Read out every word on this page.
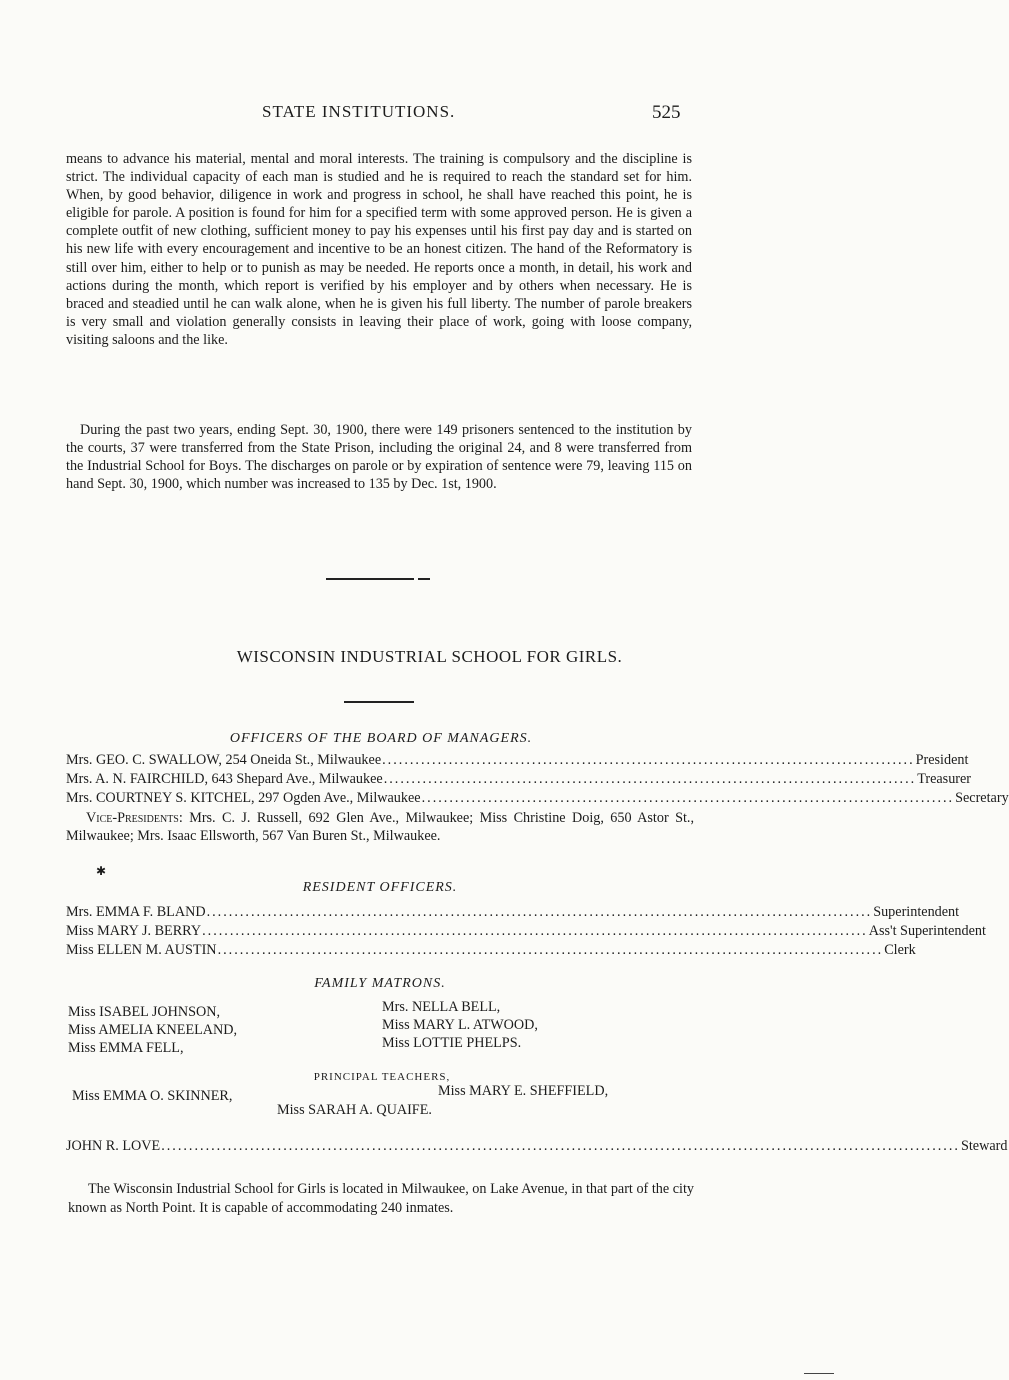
STATE INSTITUTIONS.	525
means to advance his material, mental and moral interests. The training is compulsory and the discipline is strict. The individual capacity of each man is studied and he is required to reach the standard set for him. When, by good behavior, diligence in work and progress in school, he shall have reached this point, he is eligible for parole. A position is found for him for a specified term with some approved person. He is given a complete outfit of new clothing, sufficient money to pay his expenses until his first pay day and is started on his new life with every encouragement and incentive to be an honest citizen. The hand of the Reformatory is still over him, either to help or to punish as may be needed. He reports once a month, in detail, his work and actions during the month, which report is verified by his employer and by others when necessary. He is braced and steadied until he can walk alone, when he is given his full liberty. The number of parole breakers is very small and violation generally consists in leaving their place of work, going with loose company, visiting saloons and the like.
During the past two years, ending Sept. 30, 1900, there were 149 prisoners sentenced to the institution by the courts, 37 were transferred from the State Prison, including the original 24, and 8 were transferred from the Industrial School for Boys. The discharges on parole or by expiration of sentence were 79, leaving 115 on hand Sept. 30, 1900, which number was increased to 135 by Dec. 1st, 1900.
WISCONSIN INDUSTRIAL SCHOOL FOR GIRLS.
OFFICERS OF THE BOARD OF MANAGERS.
Mrs. GEO. C. SWALLOW, 254 Oneida St., Milwaukee ................................................................................................ President
Mrs. A. N. FAIRCHILD, 643 Shepard Ave., Milwaukee ................................................................................................ Treasurer
Mrs. COURTNEY S. KITCHEL, 297 Ogden Ave., Milwaukee ................................................................................................ Secretary
Vice-Presidents: Mrs. C. J. Russell, 692 Glen Ave., Milwaukee; Miss Christine Doig, 650 Astor St., Milwaukee; Mrs. Isaac Ellsworth, 567 Van Buren St., Milwaukee.
✱
RESIDENT OFFICERS.
Mrs. EMMA F. BLAND ........................................................................................................................ Superintendent
Miss MARY J. BERRY ........................................................................................................................ Ass't Superintendent
Miss ELLEN M. AUSTIN ........................................................................................................................ Clerk
FAMILY MATRONS.
Miss ISABEL JOHNSON,
Miss AMELIA KNEELAND,
Miss EMMA FELL,
Mrs. NELLA BELL,
Miss MARY L. ATWOOD,
Miss LOTTIE PHELPS.
PRINCIPAL TEACHERS,
Miss EMMA O. SKINNER,	Miss MARY E. SHEFFIELD,
Miss SARAH A. QUAIFE.
JOHN R. LOVE ................................................................................................................................................ Steward
The Wisconsin Industrial School for Girls is located in Milwaukee, on Lake Avenue, in that part of the city known as North Point. It is capable of accommodating 240 inmates.
